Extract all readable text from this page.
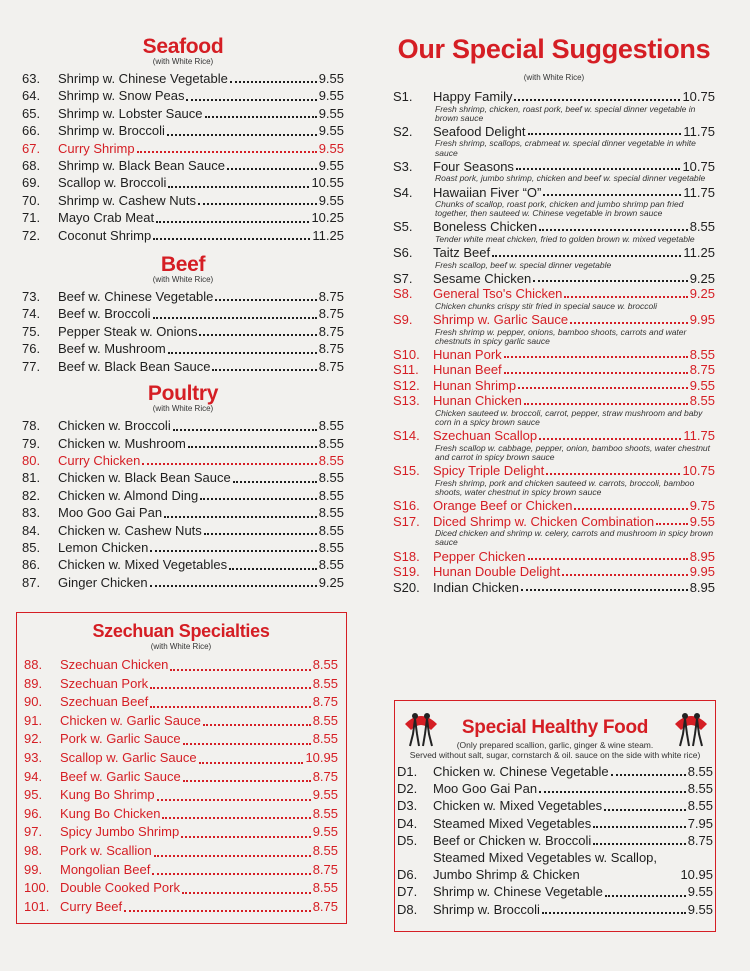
Seafood
(with White Rice)
63.	Shrimp w. Chinese Vegetable	9.55
64.	Shrimp w. Snow Peas	9.55
65.	Shrimp w. Lobster Sauce	9.55
66.	Shrimp w. Broccoli	9.55
67.	Curry Shrimp	9.55
68.	Shrimp w. Black Bean Sauce	9.55
69.	Scallop w. Broccoli	10.55
70.	Shrimp w. Cashew Nuts	9.55
71.	Mayo Crab Meat	10.25
72.	Coconut Shrimp	11.25
Beef
(with White Rice)
73.	Beef w. Chinese Vegetable	8.75
74.	Beef w. Broccoli	8.75
75.	Pepper Steak w. Onions	8.75
76.	Beef w. Mushroom	8.75
77.	Beef w. Black Bean Sauce	8.75
Poultry
(with White Rice)
78.	Chicken w. Broccoli	8.55
79.	Chicken w. Mushroom	8.55
80.	Curry Chicken	8.55
81.	Chicken w. Black Bean Sauce	8.55
82.	Chicken w. Almond Ding	8.55
83.	Moo Goo Gai Pan	8.55
84.	Chicken w. Cashew Nuts	8.55
85.	Lemon Chicken	8.55
86.	Chicken w. Mixed Vegetables	8.55
87.	Ginger Chicken	9.25
Szechuan Specialties
(with White Rice)
88.	Szechuan Chicken	8.55
89.	Szechuan Pork	8.55
90.	Szechuan Beef	8.75
91.	Chicken w. Garlic Sauce	8.55
92.	Pork w. Garlic Sauce	8.55
93.	Scallop w. Garlic Sauce	10.95
94.	Beef w. Garlic Sauce	8.75
95.	Kung Bo Shrimp	9.55
96.	Kung Bo Chicken	8.55
97.	Spicy Jumbo Shrimp	9.55
98.	Pork w. Scallion	8.55
99.	Mongolian Beef	8.75
100. Double Cooked Pork	8.55
101. Curry Beef	8.75
Our Special Suggestions
(with White Rice)
S1.	Happy Family	10.75
Fresh shrimp, chicken, roast pork, beef w. special dinner vegetable in brown sauce
S2.	Seafood Delight	11.75
Fresh shrimp, scallops, crabmeat w. special dinner vegetable in white sauce
S3.	Four Seasons	10.75
Roast pork, jumbo shrimp, chicken and beef w. special dinner vegetable
S4.	Hawaiian Fiver “O”	11.75
Chunks of scallop, roast pork, chicken and jumbo shrimp pan fried together, then sauteed w. Chinese vegetable in brown sauce
S5.	Boneless Chicken	8.55
Tender white meat chicken, fried to golden brown w. mixed vegetable
S6.	Taitz Beef	11.25
Fresh scallop, beef w. special dinner vegetable
S7.	Sesame Chicken	9.25
S8.	General Tso's Chicken	9.25
Chicken chunks crispy stir fried in special sauce w. broccoli
S9.	Shrimp w. Garlic Sauce	9.95
Fresh shrimp w. pepper, onions, bamboo shoots, carrots and water chestnuts in spicy garlic sauce
S10.	Hunan Pork	8.55
S11.	Hunan Beef	8.75
S12.	Hunan Shrimp	9.55
S13.	Hunan Chicken	8.55
Chicken sauteed w. broccoli, carrot, pepper, straw mushroom and baby corn in a spicy brown sauce
S14.	Szechuan Scallop	11.75
Fresh scallop w. cabbage, pepper, onion, bamboo shoots, water chestnut and carrot in spicy brown sauce
S15.	Spicy Triple Delight	10.75
Fresh shrimp, pork and chicken sauteed w. carrots, broccoli, bamboo shoots, water chestnut in spicy brown sauce
S16.	Orange Beef or Chicken	9.75
S17.	Diced Shrimp w. Chicken Combination	9.55
Diced chicken and shrimp w. celery, carrots and mushroom in spicy brown sauce
S18.	Pepper Chicken	8.95
S19.	Hunan Double Delight	9.95
S20.	Indian Chicken	8.95
Special Healthy Food
(Only prepared scallion, garlic, ginger & wine steam.
Served without salt, sugar, cornstarch & oil. sauce on the side with white rice)
D1.	Chicken w. Chinese Vegetable	8.55
D2.	Moo Goo Gai Pan	8.55
D3.	Chicken w. Mixed Vegetables	8.55
D4.	Steamed Mixed Vegetables	7.95
D5.	Beef or Chicken w. Broccoli	8.75
D6.
Steamed Mixed Vegetables w. Scallop, Jumbo Shrimp & Chicken	10.95
D7.	Shrimp w. Chinese Vegetable	9.55
D8.	Shrimp w. Broccoli	9.55
